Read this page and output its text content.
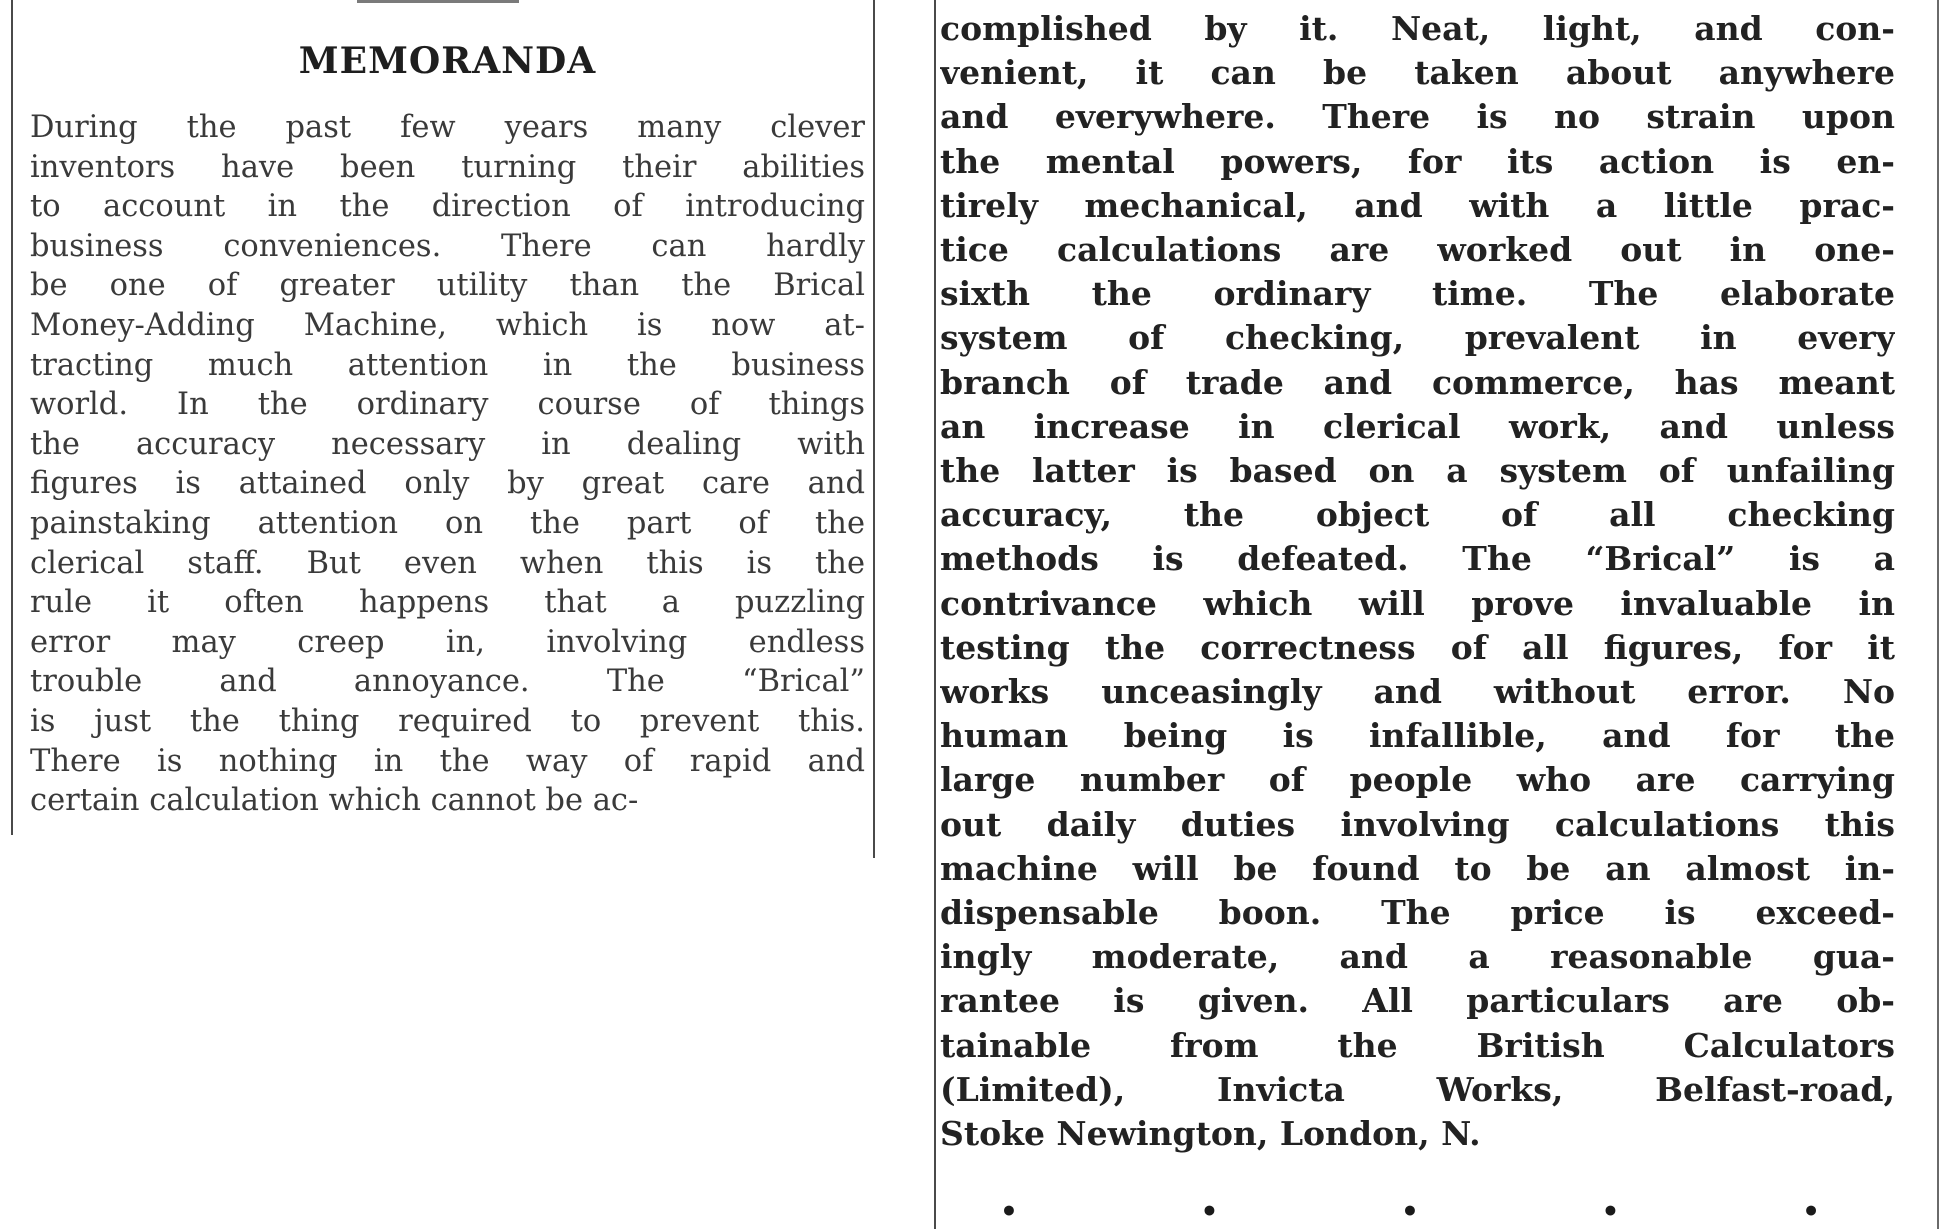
MEMORANDA
During the past few years many clever
inventors have been turning their abilities
to account in the direction of introducing
business conveniences. There can hardly
be one of greater utility than the Brical
Money-Adding Machine, which is now at-
tracting much attention in the business
world. In the ordinary course of things
the accuracy necessary in dealing with
figures is attained only by great care and
painstaking attention on the part of the
clerical staff. But even when this is the
rule it often happens that a puzzling
error may creep in, involving endless
trouble and annoyance. The “Brical”
is just the thing required to prevent this.
There is nothing in the way of rapid and
certain calculation which cannot be ac-
complished by it. Neat, light, and con-
venient, it can be taken about anywhere
and everywhere. There is no strain upon
the mental powers, for its action is en-
tirely mechanical, and with a little prac-
tice calculations are worked out in one-
sixth the ordinary time. The elaborate
system of checking, prevalent in every
branch of trade and commerce, has meant
an increase in clerical work, and unless
the latter is based on a system of unfailing
accuracy, the object of all checking
methods is defeated. The “Brical” is a
contrivance which will prove invaluable in
testing the correctness of all figures, for it
works unceasingly and without error. No
human being is infallible, and for the
large number of people who are carrying
out daily duties involving calculations this
machine will be found to be an almost in-
dispensable boon. The price is exceed-
ingly moderate, and a reasonable gua-
rantee is given. All particulars are ob-
tainable from the British Calculators
(Limited), Invicta Works, Belfast-road,
Stoke Newington, London, N.
•	•	•	•	•
